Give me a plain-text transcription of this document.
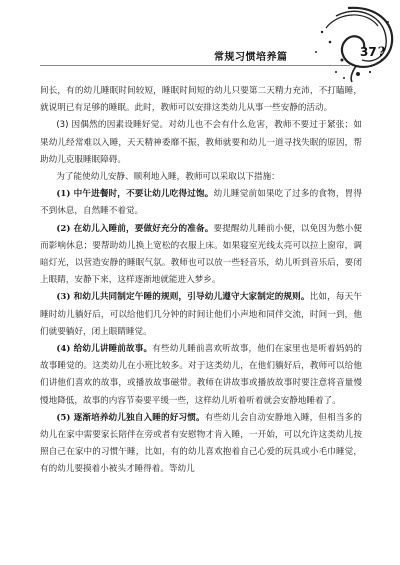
常规习惯培养篇	37?

间长，有的幼儿睡眠时间较短，睡眠时间短的幼儿只要第二天精力充沛，不打瞌睡，就说明已有足够的睡眠。此时，教师可以安排这类幼儿从事一些安静的活动。

(3) 因偶然的因素设睡好觉。对幼儿也不会有什么危害，教师不要过于紧张；如果幼儿经常难以入睡，天天精神委靡不振，教师就要和幼儿一道寻找失眠的原因，帮助幼儿克服睡眠障碍。

为了能使幼儿安静、顺利地入睡，教师可以采取以下措施：

(1) 中午进餐时，不要让幼儿吃得过饱。幼儿睡觉前如果吃了过多的食物，胃得不到休息，自然睡不着觉。

(2) 在幼儿入睡前，要做好充分的准备。要提醒幼儿睡前小便，以免因为憋小便而影响休息；要帮助幼儿换上宽松的衣服上床。如果寝室光线太亮可以拉上窗帘，调暗灯光，以营造安静的睡眠气氛。教师也可以放一些轻音乐，幼儿听到音乐后，要闭上眼睛，安静下来，这样逐渐地就能进入梦乡。

(3) 和幼儿共同制定午睡的规则，引导幼儿遵守大家制定的规则。比如，每天午睡时幼儿躺好后，可以给他们几分钟的时间让他们小声地和同伴交流，时间一到，他们就要躺好，闭上眼睛睡觉。

(4) 给幼儿讲睡前故事。有些幼儿睡前喜欢听故事，他们在家里也是听着妈妈的故事睡觉的。这类幼儿在小班比较多。对于这类幼儿，在他们躺好后，教师可以给他们讲他们喜欢的故事，或播放故事磁带。教师在讲故事或播放故事时要注意将音量慢慢地降低，故事的内容节奏要平缓一些，这样幼儿听着听着就会安静地睡着了。

(5) 逐渐培养幼儿独自入睡的好习惯。有些幼儿会自动安静地入睡，但相当多的幼儿在家中需要家长陪伴在旁或者有安慰物才肯入睡，一开始，可以允许这类幼儿按照自己在家中的习惯午睡，比如，有的幼儿喜欢抱着自己心爱的玩具或小毛巾睡觉，有的幼儿要摸着小被头才睡得着。等幼儿
